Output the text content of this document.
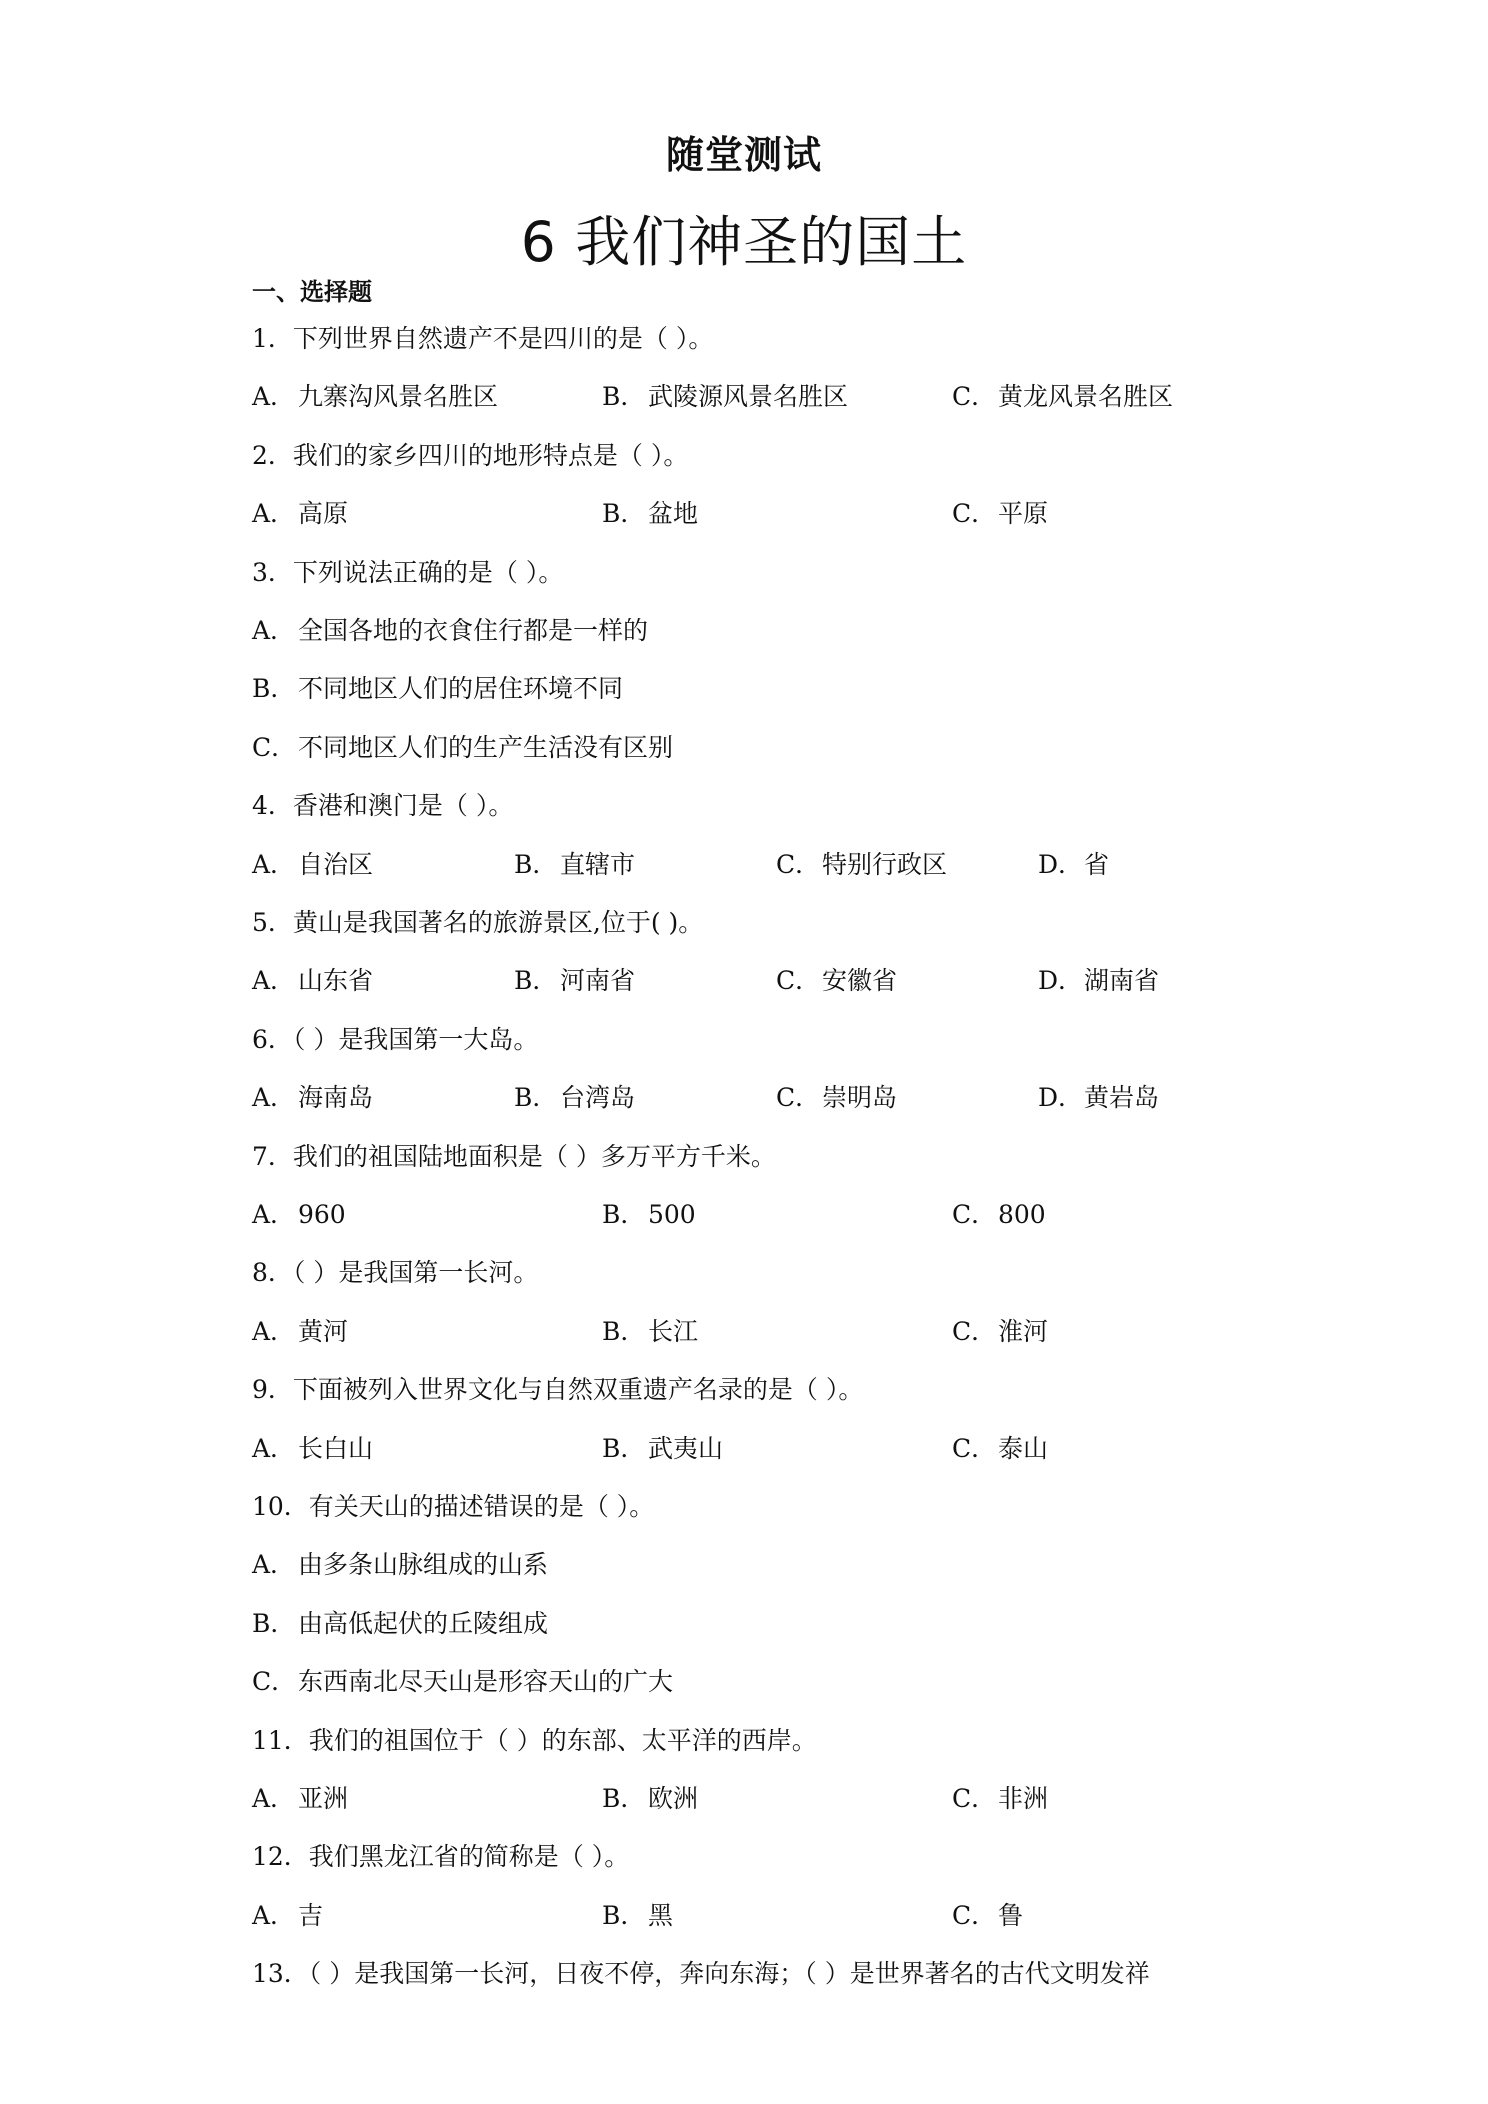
随堂测试
6 我们神圣的国土
一、选择题
1．下列世界自然遗产不是四川的是（ ）。
A． 九寨沟风景名胜区	B． 武陵源风景名胜区	C．黄龙风景名胜区
2．我们的家乡四川的地形特点是（ ）。
A． 高原	B． 盆地	C．平原
3．下列说法正确的是（ ）。
A． 全国各地的衣食住行都是一样的
B． 不同地区人们的居住环境不同
C．不同地区人们的生产生活没有区别
4．香港和澳门是（ ）。
A． 自治区	B． 直辖市	C．特别行政区	D．省
5．黄山是我国著名的旅游景区,位于( )。
A． 山东省	B． 河南省	C．安徽省	D．湖南省
6．（ ）是我国第一大岛。
A． 海南岛	B． 台湾岛	C．崇明岛	D．黄岩岛
7．我们的祖国陆地面积是（ ）多万平方千米。
A． 960	B． 500	C．800
8．（ ）是我国第一长河。
A． 黄河	B． 长江	C．淮河
9．下面被列入世界文化与自然双重遗产名录的是（ ）。
A． 长白山	B． 武夷山	C．泰山
10．有关天山的描述错误的是（ ）。
A． 由多条山脉组成的山系
B． 由高低起伏的丘陵组成
C．东西南北尽天山是形容天山的广大
11．我们的祖国位于（ ）的东部、太平洋的西岸。
A． 亚洲	B． 欧洲	C．非洲
12．我们黑龙江省的简称是（ ）。
A． 吉	B． 黑	C．鲁
13．（ ）是我国第一长河，日夜不停，奔向东海；（ ）是世界著名的古代文明发祥
